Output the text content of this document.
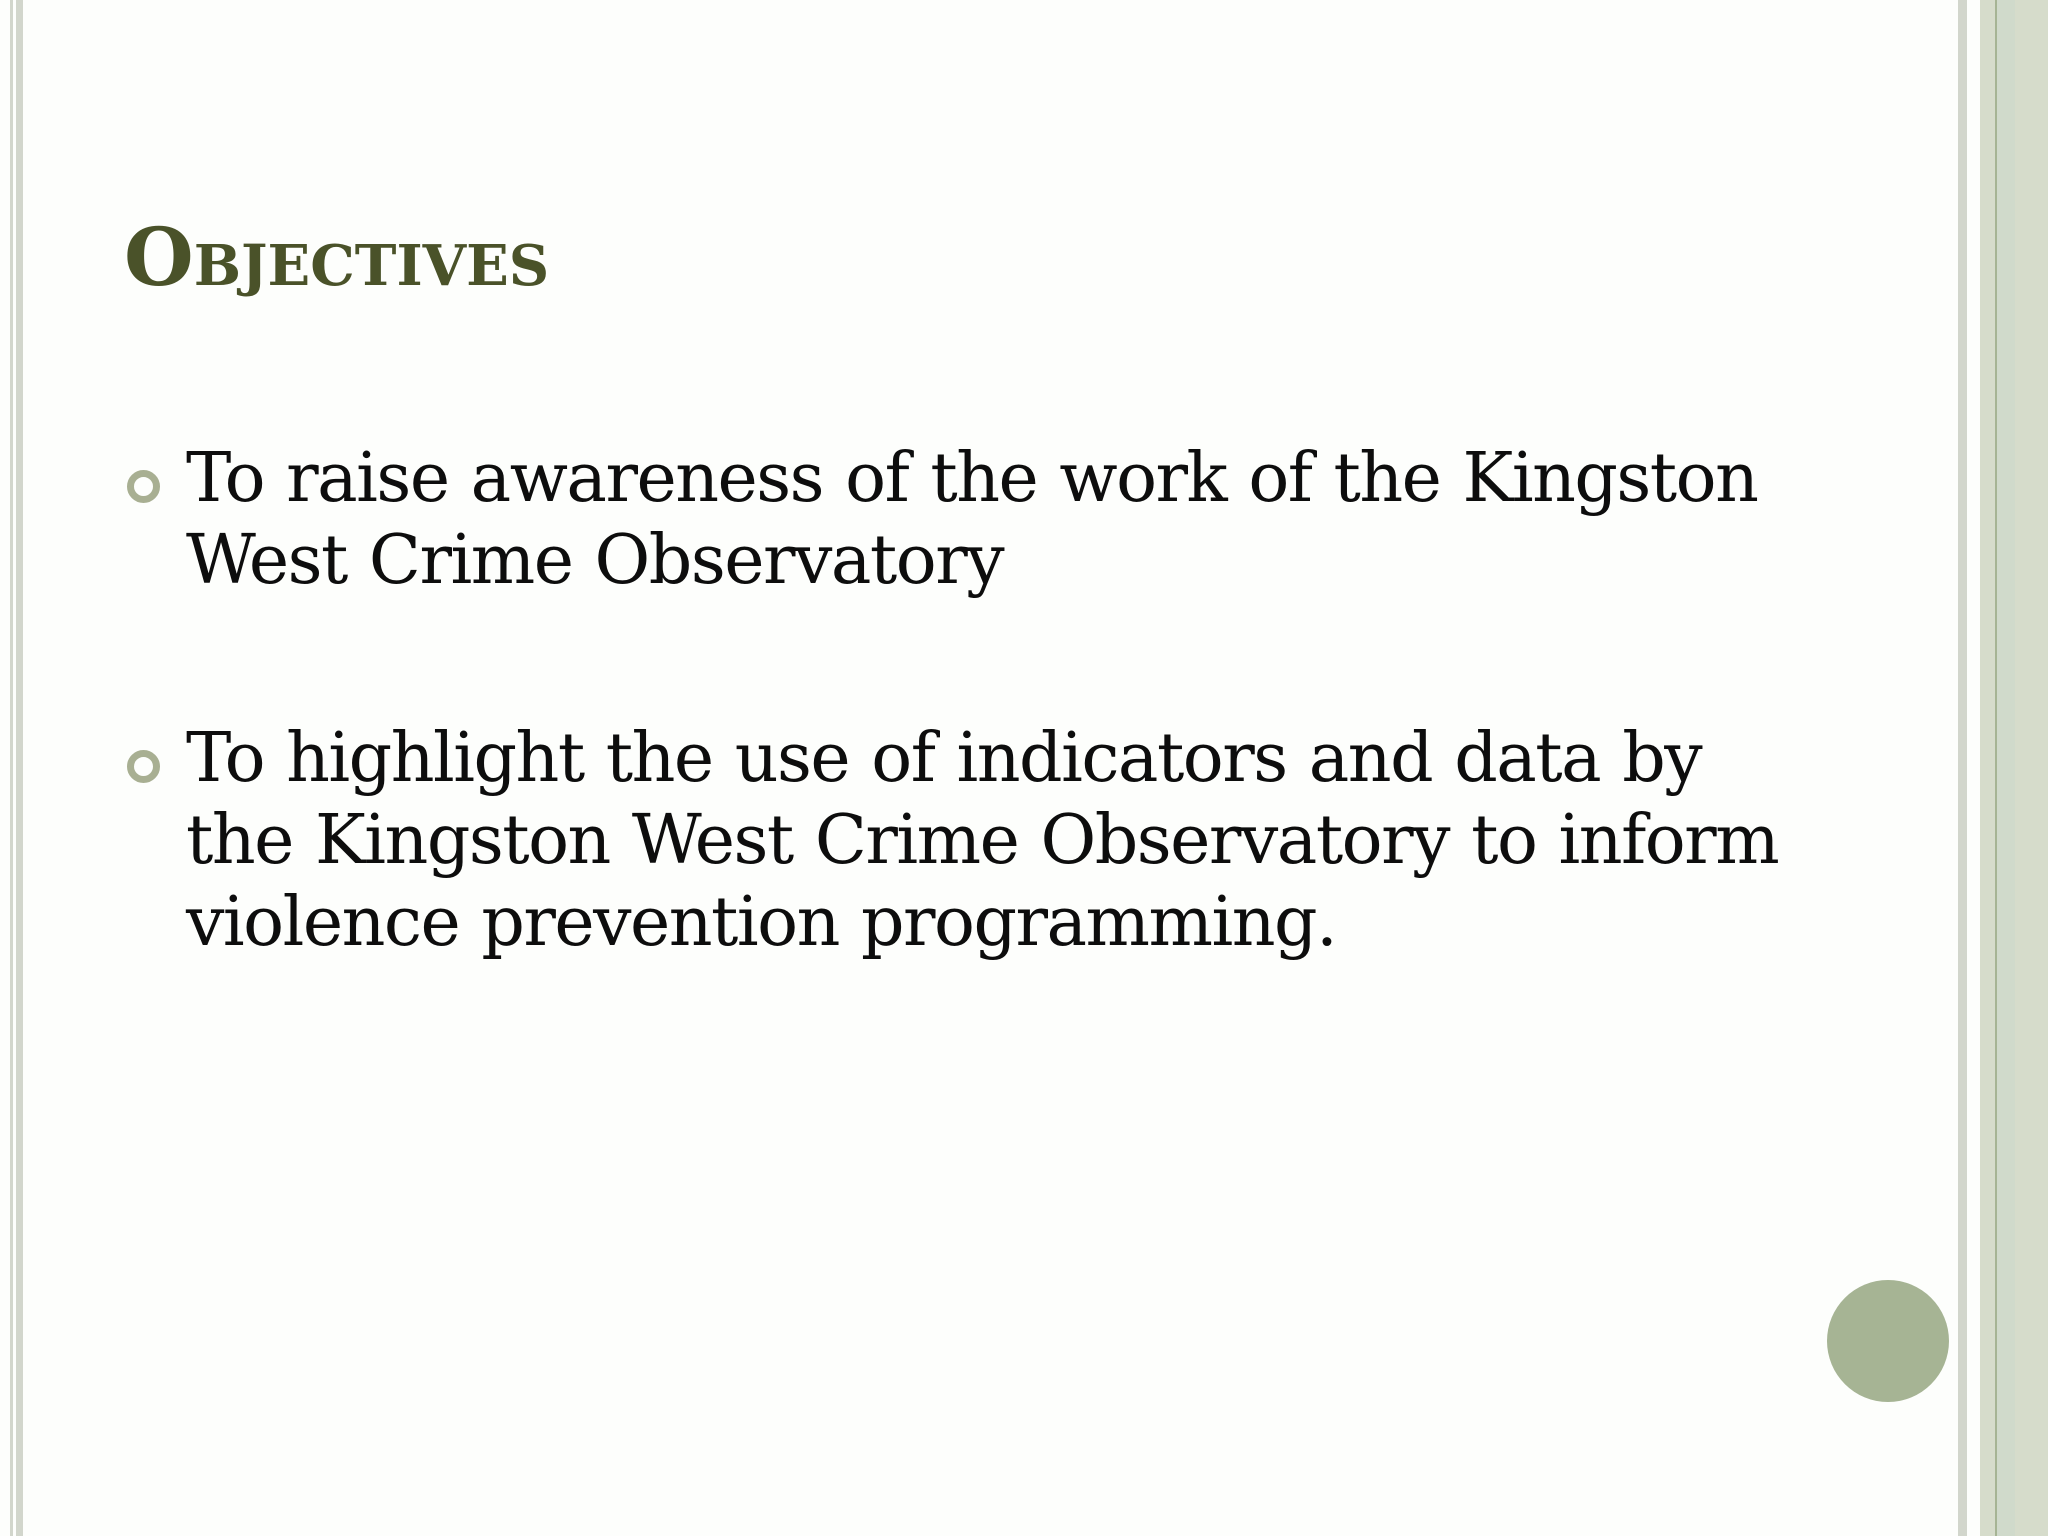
Objectives
To raise awareness of the work of the Kingston West Crime Observatory
To highlight the use of indicators and data by the Kingston West Crime Observatory to inform violence prevention programming.
